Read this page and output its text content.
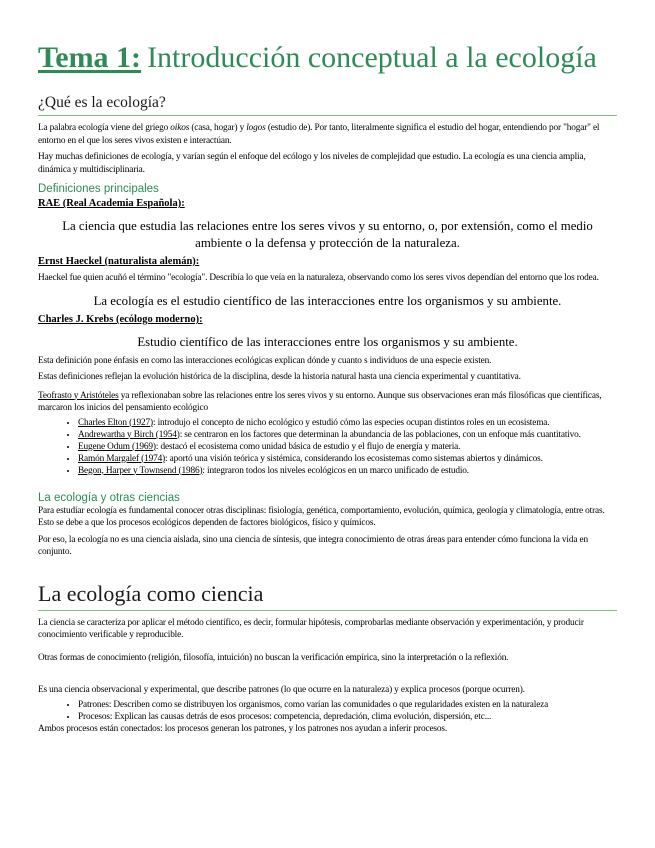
Tema 1: Introducción conceptual a la ecología
¿Qué es la ecología?

La palabra ecología viene del griego oikos (casa, hogar) y logos (estudio de). Por tanto, literalmente significa el estudio del hogar, entendiendo por "hogar" el entorno en el que los seres vivos existen e interactúan.

Hay muchas definiciones de ecología, y varían según el enfoque del ecólogo y los niveles de complejidad que estudio. La ecología es una ciencia amplia, dinámica y multidisciplinaria.

Definiciones principales
RAE (Real Academia Española):
La ciencia que estudia las relaciones entre los seres vivos y su entorno, o, por extensión, como el medio ambiente o la defensa y protección de la naturaleza.
Ernst Haeckel (naturalista alemán):

Haeckel fue quien acuñó el término "ecología". Describía lo que veía en la naturaleza, observando como los seres vivos dependían del entorno que los rodea.

La ecología es el estudio científico de las interacciones entre los organismos y su ambiente.
Charles J. Krebs (ecólogo moderno):
Estudio científico de las interacciones entre los organismos y su ambiente.

Esta definición pone énfasis en como las interacciones ecológicas explican dónde y cuanto s individuos de una especie existen.

Estas definiciones reflejan la evolución histórica de la disciplina, desde la historia natural hasta una ciencia experimental y cuantitativa.

Teofrasto y Aristóteles ya reflexionaban sobre las relaciones entre los seres vivos y su entorno. Aunque sus observaciones eran más filosóficas que científicas, marcaron los inicios del pensamiento ecológico

• Charles Elton (1927): introdujo el concepto de nicho ecológico y estudió cómo las especies ocupan distintos roles en un ecosistema.
• Andrewartha y Birch (1954): se centraron en los factores que determinan la abundancia de las poblaciones, con un enfoque más cuantitativo.
• Eugene Odum (1969): destacó el ecosistema como unidad básica de estudio y el flujo de energía y materia.
• Ramón Margalef (1974): aportó una visión teórica y sistémica, considerando los ecosistemas como sistemas abiertos y dinámicos.
• Begon, Harper y Townsend (1986): integraron todos los niveles ecológicos en un marco unificado de estudio.
La ecología y otras ciencias

Para estudiar ecología es fundamental conocer otras disciplinas: fisiología, genética, comportamiento, evolución, química, geología y climatología, entre otras. Esto se debe a que los procesos ecológicos dependen de factores biológicos, físico y químicos.

Por eso, la ecología no es una ciencia aislada, sino una ciencia de síntesis, que integra conocimiento de otras áreas para entender cómo funciona la vida en conjunto.

La ecología como ciencia

La ciencia se caracteriza por aplicar el método científico, es decir, formular hipótesis, comprobarlas mediante observación y experimentación, y producir conocimiento verificable y reproducible.

Otras formas de conocimiento (religión, filosofía, intuición) no buscan la verificación empírica, sino la interpretación o la reflexión.

Es una ciencia observacional y experimental, que describe patrones (lo que ocurre en la naturaleza) y explica procesos (porque ocurren).

• Patrones: Describen como se distribuyen los organismos, como varían las comunidades o que regularidades existen en la naturaleza
• Procesos: Explican las causas detrás de esos procesos: competencia, depredación, clima evolución, dispersión, etc...

Ambos procesos están conectados: los procesos generan los patrones, y los patrones nos ayudan a inferir procesos.
